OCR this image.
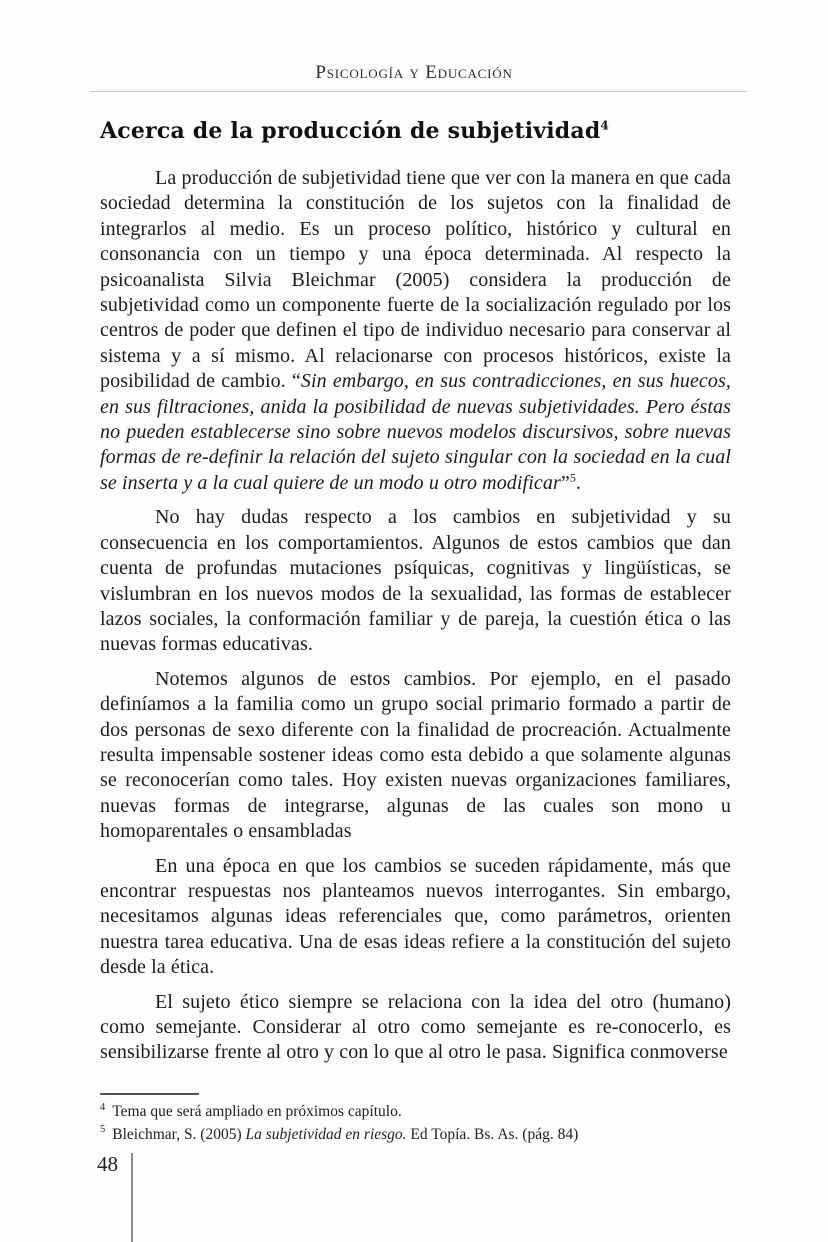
Psicología y Educación
Acerca de la producción de subjetividad$^4$

La producción de subjetividad tiene que ver con la manera en que cada sociedad determina la constitución de los sujetos con la finalidad de integrarlos al medio. Es un proceso político, histórico y cultural en consonancia con un tiempo y una época determinada. Al respecto la psicoanalista Silvia Bleichmar (2005) considera la producción de subjetividad como un componente fuerte de la socialización regulado por los centros de poder que definen el tipo de individuo necesario para conservar al sistema y a sí mismo. Al relacionarse con procesos históricos, existe la posibilidad de cambio. “Sin embargo, en sus contradicciones, en sus huecos, en sus filtraciones, anida la posibilidad de nuevas subjetividades. Pero éstas no pueden establecerse sino sobre nuevos modelos discursivos, sobre nuevas formas de re-definir la relación del sujeto singular con la sociedad en la cual se inserta y a la cual quiere de un modo u otro modificar”$^5$.

No hay dudas respecto a los cambios en subjetividad y su consecuencia en los comportamientos. Algunos de estos cambios que dan cuenta de profundas mutaciones psíquicas, cognitivas y lingüísticas, se vislumbran en los nuevos modos de la sexualidad, las formas de establecer lazos sociales, la conformación familiar y de pareja, la cuestión ética o las nuevas formas educativas.

Notemos algunos de estos cambios. Por ejemplo, en el pasado definíamos a la familia como un grupo social primario formado a partir de dos personas de sexo diferente con la finalidad de procreación. Actualmente resulta impensable sostener ideas como esta debido a que solamente algunas se reconocerían como tales. Hoy existen nuevas organizaciones familiares, nuevas formas de integrarse, algunas de las cuales son mono u homoparentales o ensambladas

En una época en que los cambios se suceden rápidamente, más que encontrar respuestas nos planteamos nuevos interrogantes. Sin embargo, necesitamos algunas ideas referenciales que, como parámetros, orienten nuestra tarea educativa. Una de esas ideas refiere a la constitución del sujeto desde la ética.

El sujeto ético siempre se relaciona con la idea del otro (humano) como semejante. Considerar al otro como semejante es re-conocerlo, es sensibilizarse frente al otro y con lo que al otro le pasa. Significa conmoverse

$^4$ Tema que será ampliado en próximos capítulo.
$^5$ Bleichmar, S. (2005) La subjetividad en riesgo. Ed Topía. Bs. As. (pág. 84)
48
